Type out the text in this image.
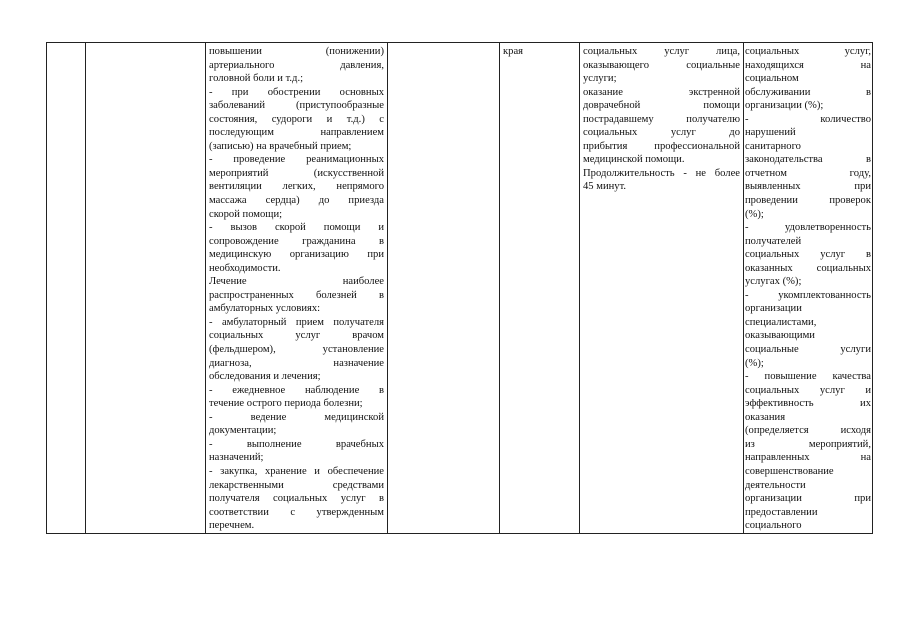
повышении (понижении)
артериального давления,
головной боли и т.д.;
- при обострении основных
заболеваний (приступообразные
состояния, судороги и т.д.) с
последующим направлением
(записью) на врачебный прием;
- проведение реанимационных
мероприятий (искусственной
вентиляции легких, непрямого
массажа сердца) до приезда
скорой помощи;
- вызов скорой помощи и
сопровождение гражданина в
медицинскую организацию при
необходимости.
Лечение наиболее
распространенных болезней в
амбулаторных условиях:
- амбулаторный прием получателя
социальных услуг врачом
(фельдшером), установление
диагноза, назначение
обследования и лечения;
- ежедневное наблюдение в
течение острого периода болезни;
- ведение медицинской
документации;
- выполнение врачебных
назначений;
- закупка, хранение и обеспечение
лекарственными средствами
получателя социальных услуг в
соответствии с утвержденным
перечнем.

края	социальных услуг лица,
оказывающего социальные
услуги;
оказание экстренной
доврачебной помощи
пострадавшему получателю
социальных услуг до
прибытия профессиональной
медицинской помощи.
Продолжительность - не более
45 минут.

социальных услуг,
находящихся на
социальном
обслуживании в
организации (%);
- количество
нарушений
санитарного
законодательства в
отчетном году,
выявленных при
проведении проверок
(%);
- удовлетворенность
получателей
социальных услуг в
оказанных социальных
услугах (%);
- укомплектованность
организации
специалистами,
оказывающими
социальные услуги
(%);
- повышение качества
социальных услуг и
эффективность их
оказания
(определяется исходя
из мероприятий,
направленных на
совершенствование
деятельности
организации при
предоставлении
социального
